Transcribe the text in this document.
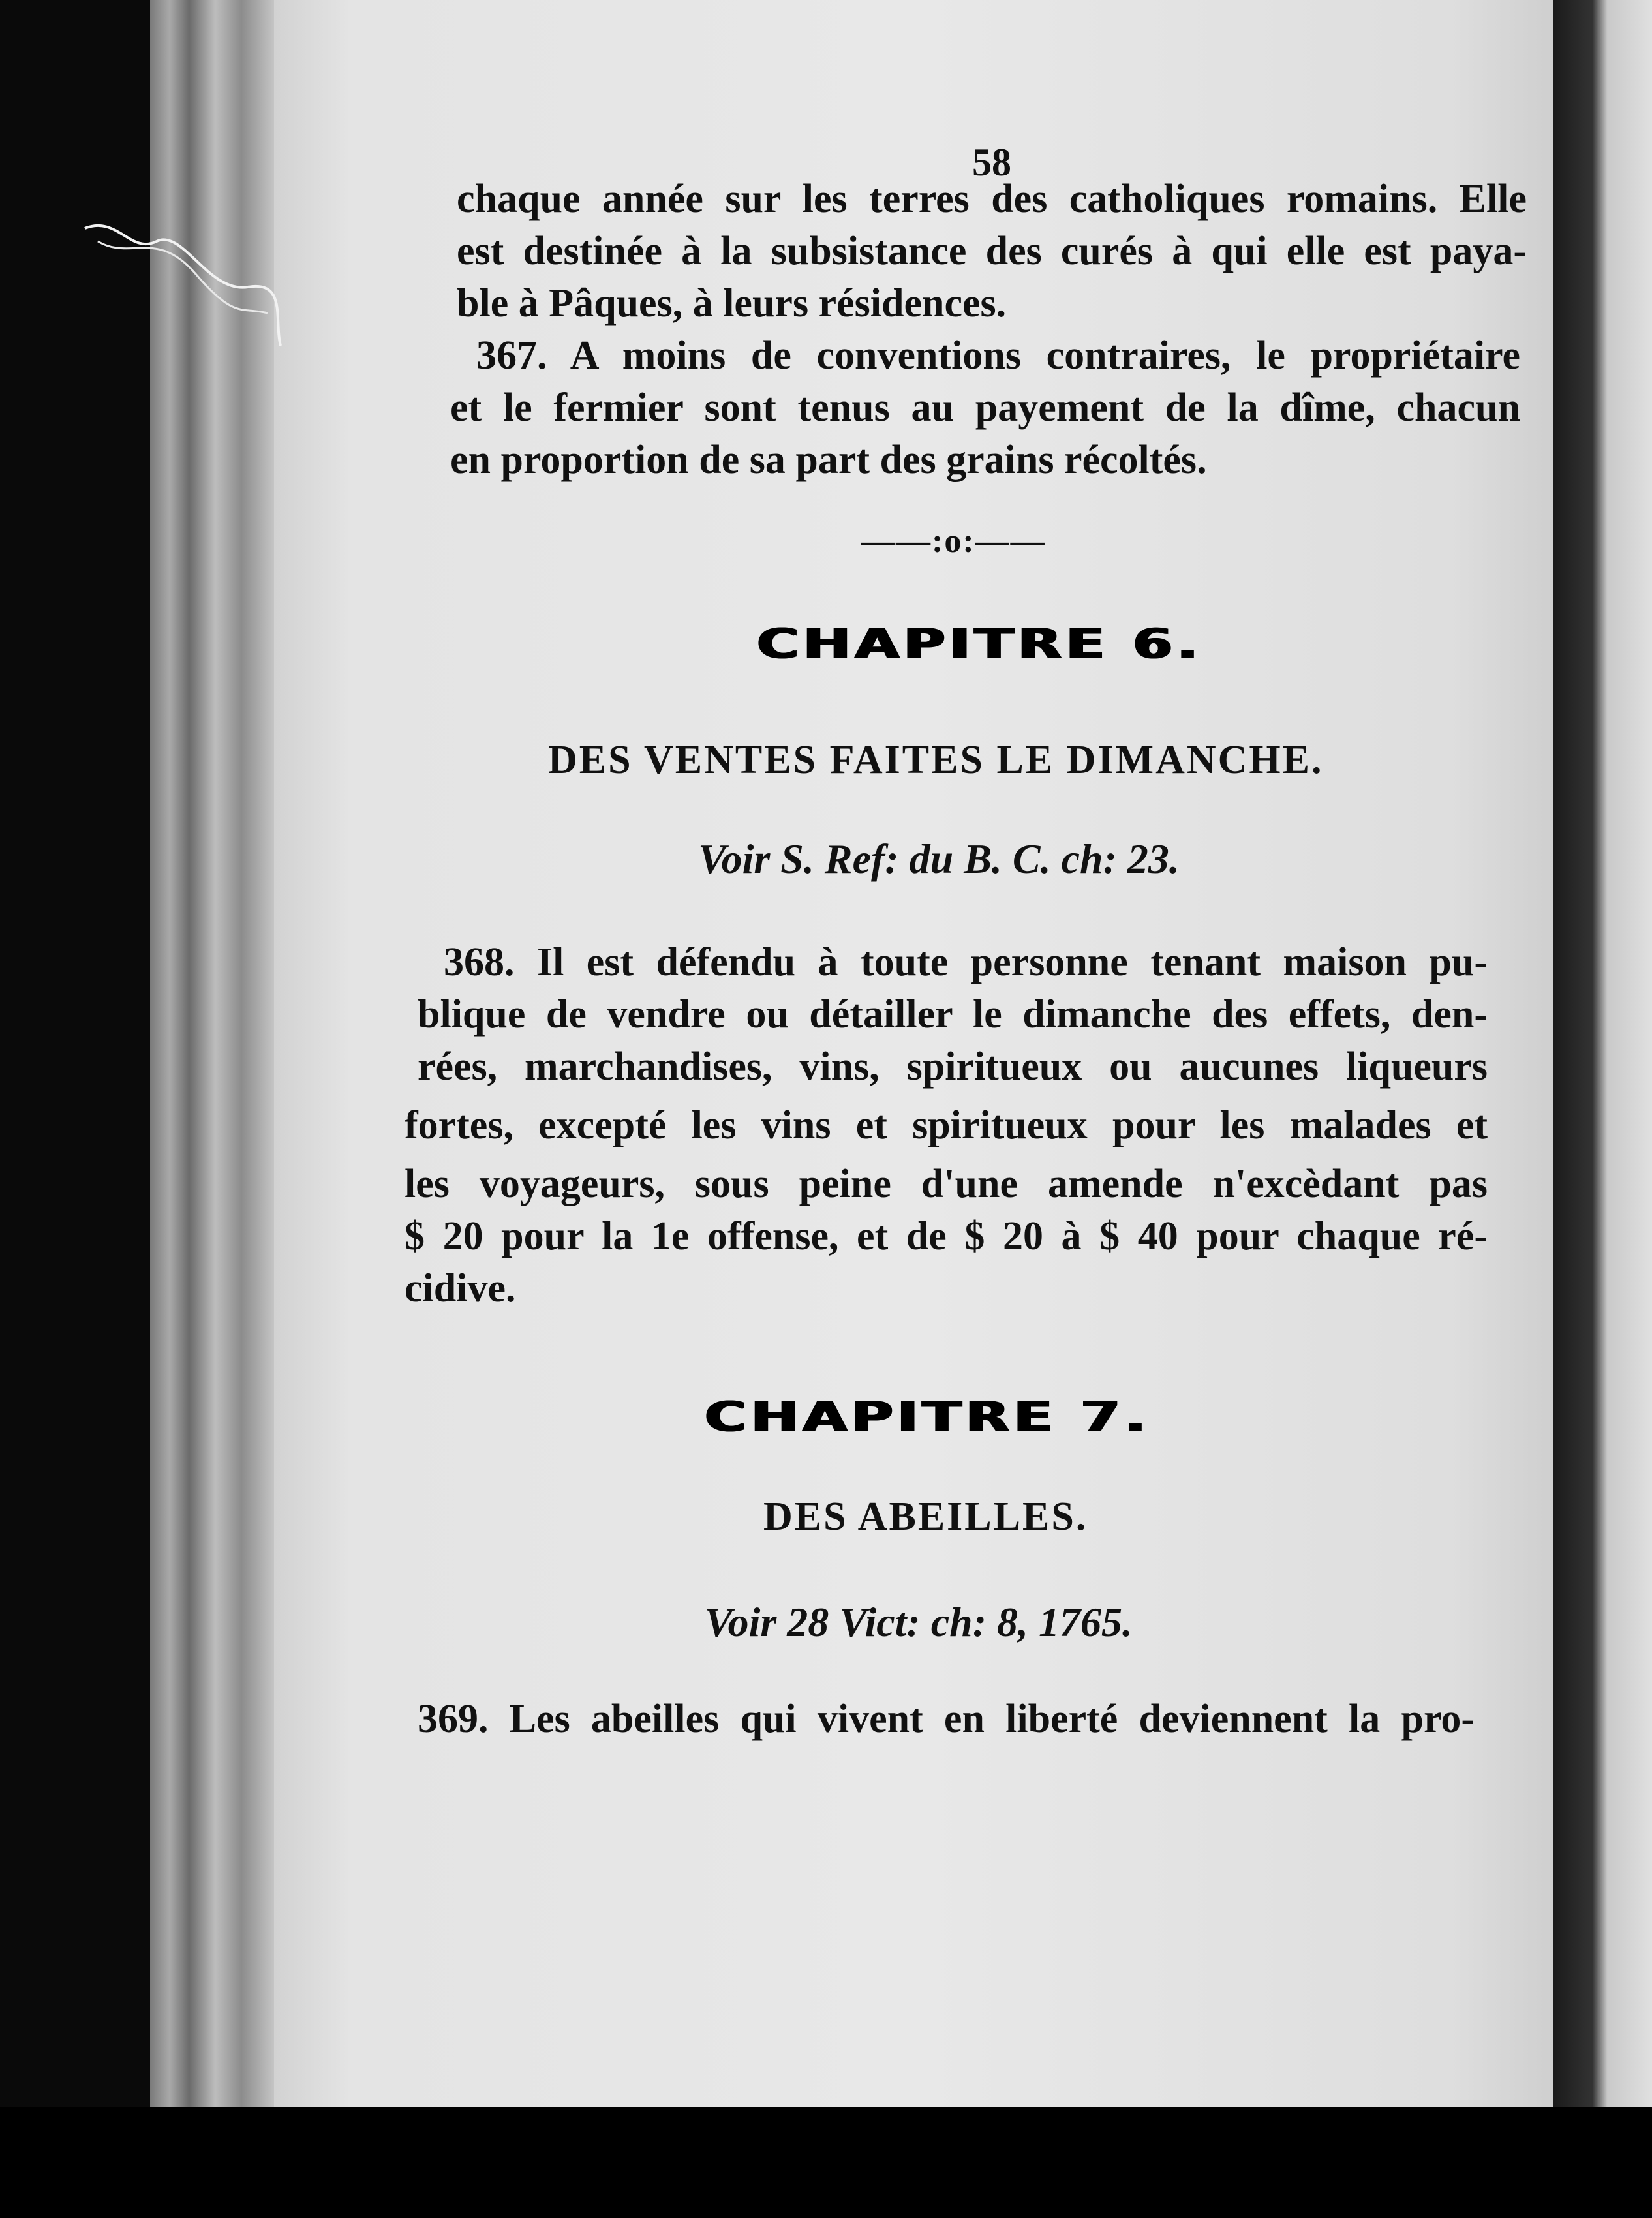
58
chaque année sur les terres des catholiques romains. Elle
est destinée à la subsistance des curés à qui elle est paya-
ble à Pâques, à leurs résidences.
367. A moins de conventions contraires, le propriétaire
et le fermier sont tenus au payement de la dîme, chacun
en proportion de sa part des grains récoltés.
——:o:——
CHAPITRE 6.
DES VENTES FAITES LE DIMANCHE.
Voir S. Ref: du B. C. ch: 23.
368. Il est défendu à toute personne tenant maison pu-
blique de vendre ou détailler le dimanche des effets, den-
rées, marchandises, vins, spiritueux ou aucunes liqueurs
fortes, excepté les vins et spiritueux pour les malades et
les voyageurs, sous peine d'une amende n'excèdant pas
$ 20 pour la 1e offense, et de $ 20 à $ 40 pour chaque ré-
cidive.
CHAPITRE 7.
DES ABEILLES.
Voir 28 Vict: ch: 8, 1765.
369. Les abeilles qui vivent en liberté deviennent la pro-
